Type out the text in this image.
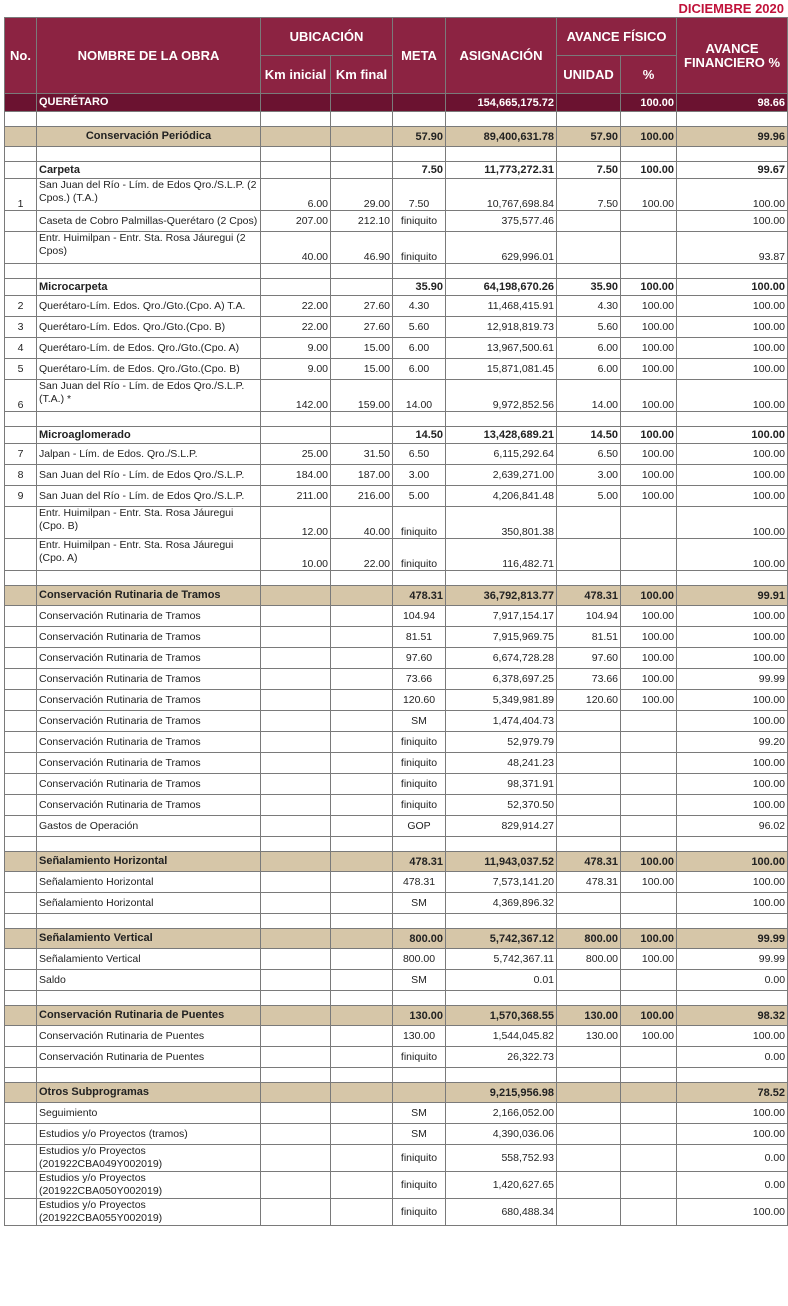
DICIEMBRE 2020
No.	NOMBRE DE LA OBRA	UBICACIÓN		META	ASIGNACIÓN	AVANCE FÍSICO		AVANCE FINANCIERO %
		Km inicial	Km final			UNIDAD	%	
	QUERÉTARO				154,665,175.72		100.00	98.66

	Conservación Periódica			57.90	89,400,631.78	57.90	100.00	99.96

	Carpeta			7.50	11,773,272.31	7.50	100.00	99.67
1	San Juan del Río - Lím. de Edos Qro./S.L.P. (2 Cpos.) (T.A.)	6.00	29.00	7.50	10,767,698.84	7.50	100.00	100.00
	Caseta de Cobro Palmillas-Querétaro (2 Cpos)	207.00	212.10	finiquito	375,577.46			100.00
	Entr. Huimilpan - Entr. Sta. Rosa Jáuregui (2 Cpos)	40.00	46.90	finiquito	629,996.01			93.87

	Microcarpeta			35.90	64,198,670.26	35.90	100.00	100.00
2	Querétaro-Lím. Edos. Qro./Gto.(Cpo. A) T.A.	22.00	27.60	4.30	11,468,415.91	4.30	100.00	100.00
3	Querétaro-Lím. Edos. Qro./Gto.(Cpo. B)	22.00	27.60	5.60	12,918,819.73	5.60	100.00	100.00
4	Querétaro-Lím. de Edos. Qro./Gto.(Cpo. A)	9.00	15.00	6.00	13,967,500.61	6.00	100.00	100.00
5	Querétaro-Lím. de Edos. Qro./Gto.(Cpo. B)	9.00	15.00	6.00	15,871,081.45	6.00	100.00	100.00
6	San Juan del Río - Lím. de Edos Qro./S.L.P. (T.A.) *	142.00	159.00	14.00	9,972,852.56	14.00	100.00	100.00

	Microaglomerado			14.50	13,428,689.21	14.50	100.00	100.00
7	Jalpan - Lím. de Edos. Qro./S.L.P.	25.00	31.50	6.50	6,115,292.64	6.50	100.00	100.00
8	San Juan del Río - Lím. de Edos Qro./S.L.P.	184.00	187.00	3.00	2,639,271.00	3.00	100.00	100.00
9	San Juan del Río - Lím. de Edos Qro./S.L.P.	211.00	216.00	5.00	4,206,841.48	5.00	100.00	100.00
	Entr. Huimilpan - Entr. Sta. Rosa Jáuregui (Cpo. B)	12.00	40.00	finiquito	350,801.38			100.00
	Entr. Huimilpan - Entr. Sta. Rosa Jáuregui (Cpo. A)	10.00	22.00	finiquito	116,482.71			100.00

	Conservación Rutinaria de Tramos			478.31	36,792,813.77	478.31	100.00	99.91
	Conservación Rutinaria de Tramos			104.94	7,917,154.17	104.94	100.00	100.00
	Conservación Rutinaria de Tramos			81.51	7,915,969.75	81.51	100.00	100.00
	Conservación Rutinaria de Tramos			97.60	6,674,728.28	97.60	100.00	100.00
	Conservación Rutinaria de Tramos			73.66	6,378,697.25	73.66	100.00	99.99
	Conservación Rutinaria de Tramos			120.60	5,349,981.89	120.60	100.00	100.00
	Conservación Rutinaria de Tramos			SM	1,474,404.73			100.00
	Conservación Rutinaria de Tramos			finiquito	52,979.79			99.20
	Conservación Rutinaria de Tramos			finiquito	48,241.23			100.00
	Conservación Rutinaria de Tramos			finiquito	98,371.91			100.00
	Conservación Rutinaria de Tramos			finiquito	52,370.50			100.00
	Gastos de Operación			GOP	829,914.27			96.02

	Señalamiento Horizontal			478.31	11,943,037.52	478.31	100.00	100.00
	Señalamiento Horizontal			478.31	7,573,141.20	478.31	100.00	100.00
	Señalamiento Horizontal			SM	4,369,896.32			100.00

	Señalamiento Vertical			800.00	5,742,367.12	800.00	100.00	99.99
	Señalamiento Vertical			800.00	5,742,367.11	800.00	100.00	99.99
	Saldo			SM	0.01			0.00

	Conservación Rutinaria de Puentes			130.00	1,570,368.55	130.00	100.00	98.32
	Conservación Rutinaria de Puentes			130.00	1,544,045.82	130.00	100.00	100.00
	Conservación Rutinaria de Puentes			finiquito	26,322.73			0.00

	Otros Subprogramas				9,215,956.98			78.52
	Seguimiento			SM	2,166,052.00			100.00
	Estudios y/o Proyectos (tramos)			SM	4,390,036.06			100.00
	Estudios y/o Proyectos (201922CBA049Y002019)			finiquito	558,752.93			0.00
	Estudios y/o Proyectos (201922CBA050Y002019)			finiquito	1,420,627.65			0.00
	Estudios y/o Proyectos (201922CBA055Y002019)			finiquito	680,488.34			100.00
